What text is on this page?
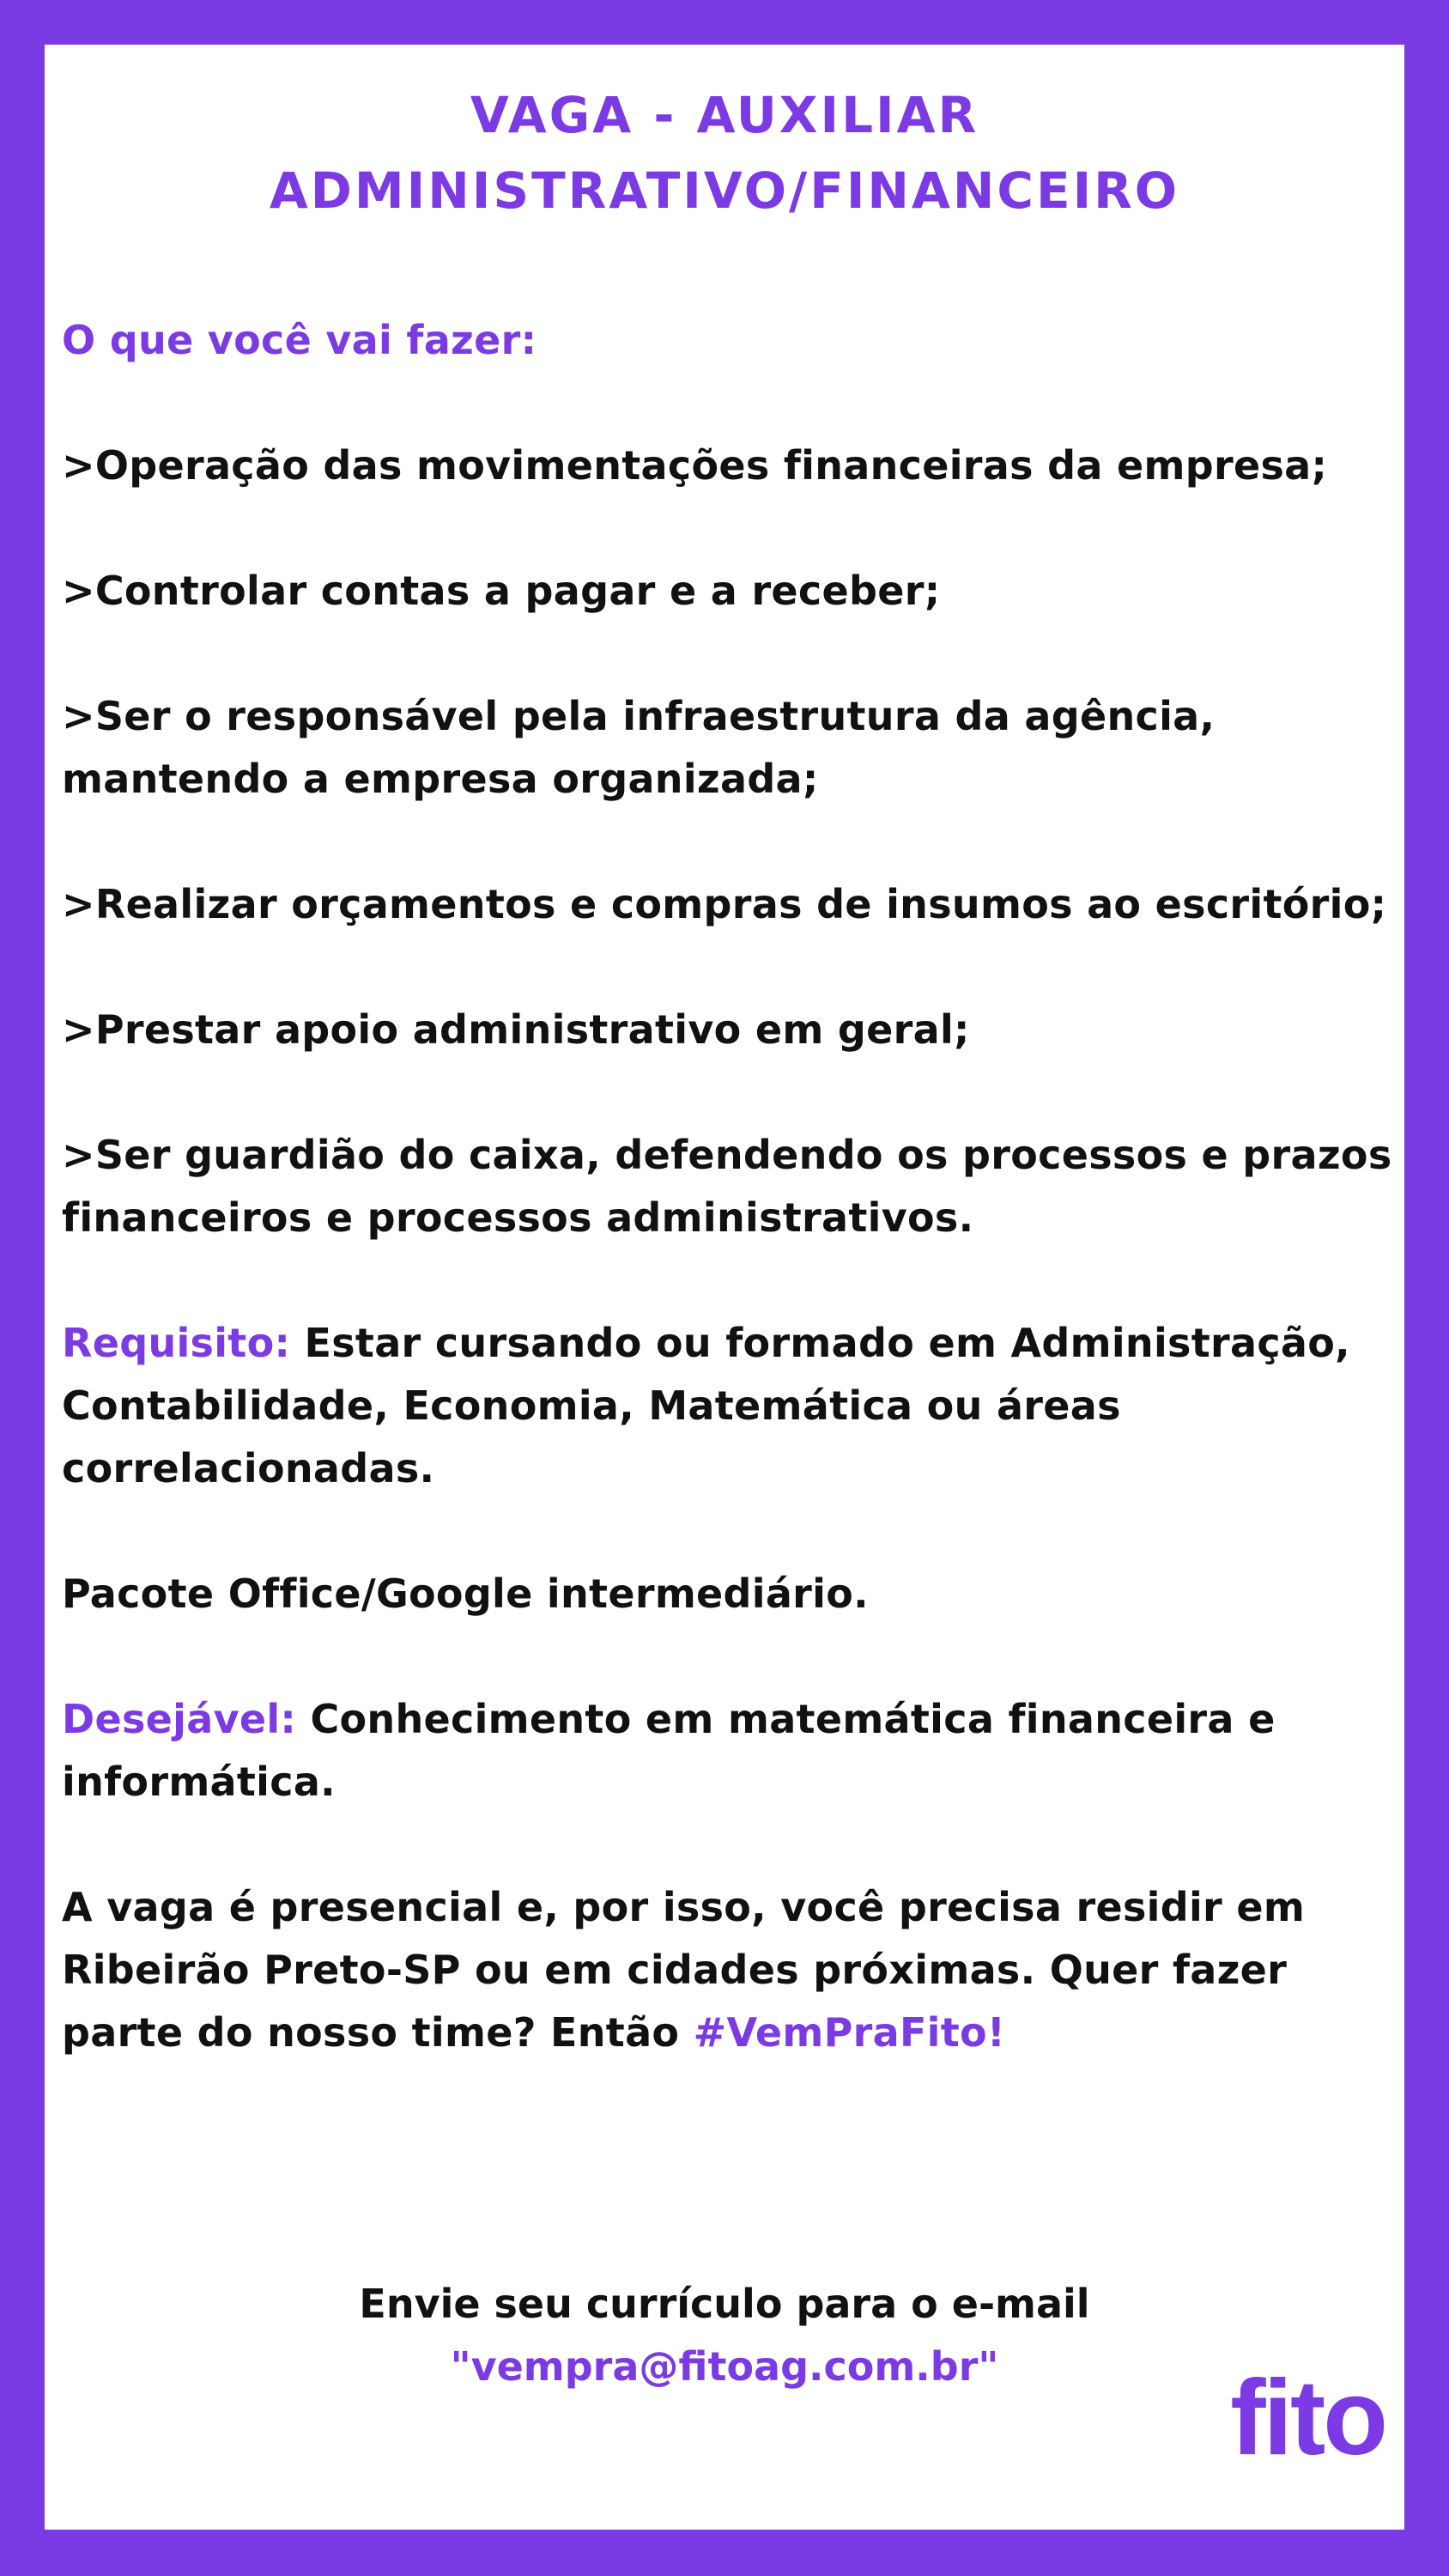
VAGA - AUXILIAR
ADMINISTRATIVO/FINANCEIRO

O que você vai fazer:

>Operação das movimentações financeiras da empresa;

>Controlar contas a pagar e a receber;

>Ser o responsável pela infraestrutura da agência, mantendo a empresa organizada;

>Realizar orçamentos e compras de insumos ao escritório;

>Prestar apoio administrativo em geral;

>Ser guardião do caixa, defendendo os processos e prazos financeiros e processos administrativos.

Requisito: Estar cursando ou formado em Administração, Contabilidade, Economia, Matemática ou áreas correlacionadas.

Pacote Office/Google intermediário.

Desejável: Conhecimento em matemática financeira e informática.

A vaga é presencial e, por isso, você precisa residir em Ribeirão Preto-SP ou em cidades próximas. Quer fazer parte do nosso time? Então #VemPraFito!

Envie seu currículo para o e-mail
"vempra@fitoag.com.br"	fito
